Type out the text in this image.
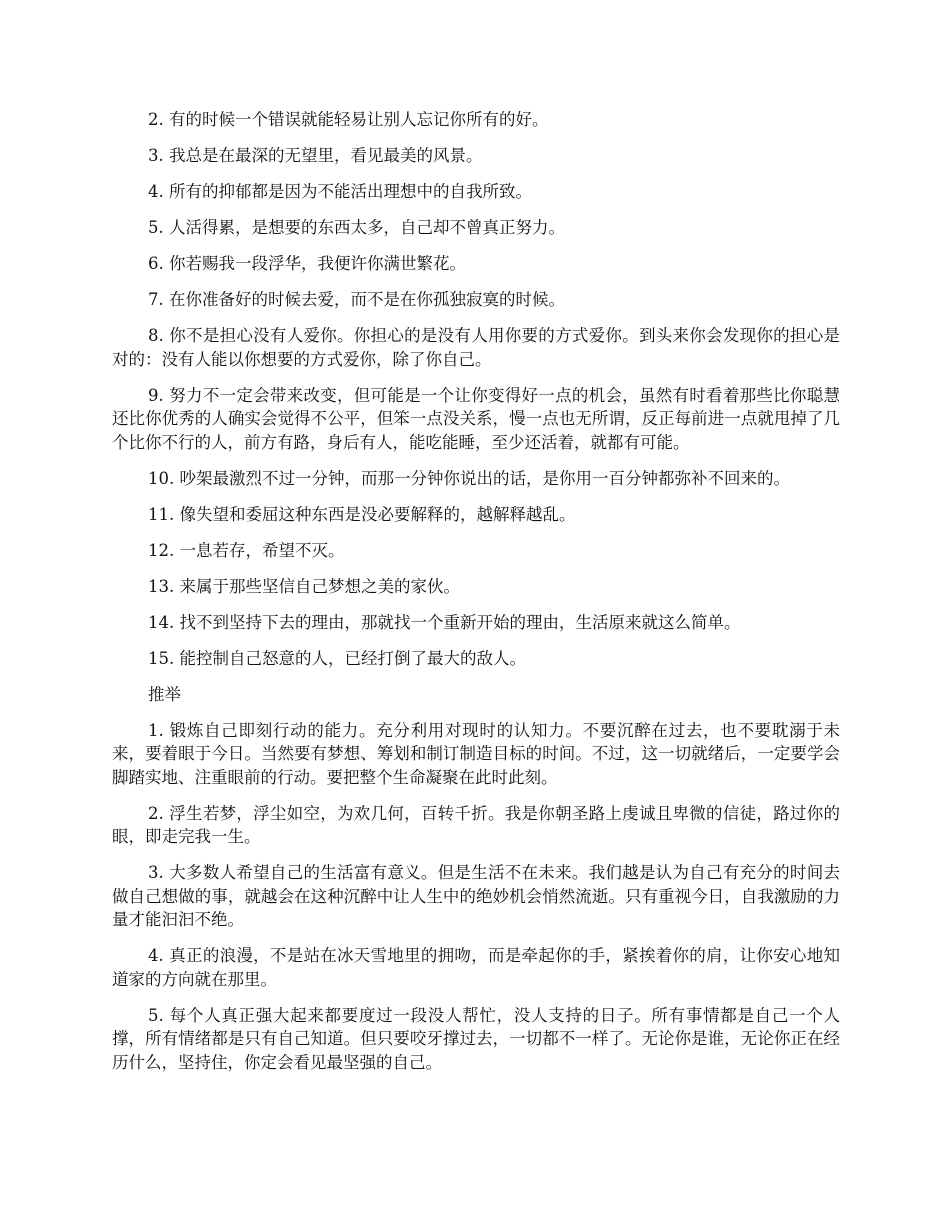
2. 有的时候一个错误就能轻易让别人忘记你所有的好。

3. 我总是在最深的无望里，看见最美的风景。

4. 所有的抑郁都是因为不能活出理想中的自我所致。

5. 人活得累，是想要的东西太多，自己却不曾真正努力。

6. 你若赐我一段浮华，我便许你满世繁花。

7. 在你准备好的时候去爱，而不是在你孤独寂寞的时候。

8. 你不是担心没有人爱你。你担心的是没有人用你要的方式爱你。到头来你会发现你的担心是对的：没有人能以你想要的方式爱你，除了你自己。

9. 努力不一定会带来改变，但可能是一个让你变得好一点的机会，虽然有时看着那些比你聪慧还比你优秀的人确实会觉得不公平，但笨一点没关系，慢一点也无所谓，反正每前进一点就甩掉了几个比你不行的人，前方有路，身后有人，能吃能睡，至少还活着，就都有可能。

10. 吵架最激烈不过一分钟，而那一分钟你说出的话，是你用一百分钟都弥补不回来的。

11. 像失望和委屈这种东西是没必要解释的，越解释越乱。

12. 一息若存，希望不灭。

13. 来属于那些坚信自己梦想之美的家伙。

14. 找不到坚持下去的理由，那就找一个重新开始的理由，生活原来就这么简单。

15. 能控制自己怒意的人，已经打倒了最大的敌人。

推举

1. 锻炼自己即刻行动的能力。充分利用对现时的认知力。不要沉醉在过去，也不要耽溺于未来，要着眼于今日。当然要有梦想、筹划和制订制造目标的时间。不过，这一切就绪后，一定要学会脚踏实地、注重眼前的行动。要把整个生命凝聚在此时此刻。

2. 浮生若梦，浮尘如空，为欢几何，百转千折。我是你朝圣路上虔诚且卑微的信徒，路过你的眼，即走完我一生。

3. 大多数人希望自己的生活富有意义。但是生活不在未来。我们越是认为自己有充分的时间去做自己想做的事，就越会在这种沉醉中让人生中的绝妙机会悄然流逝。只有重视今日，自我激励的力量才能汩汩不绝。

4. 真正的浪漫，不是站在冰天雪地里的拥吻，而是牵起你的手，紧挨着你的肩，让你安心地知道家的方向就在那里。

5. 每个人真正强大起来都要度过一段没人帮忙，没人支持的日子。所有事情都是自己一个人撑，所有情绪都是只有自己知道。但只要咬牙撑过去，一切都不一样了。无论你是谁，无论你正在经历什么，坚持住，你定会看见最坚强的自己。
